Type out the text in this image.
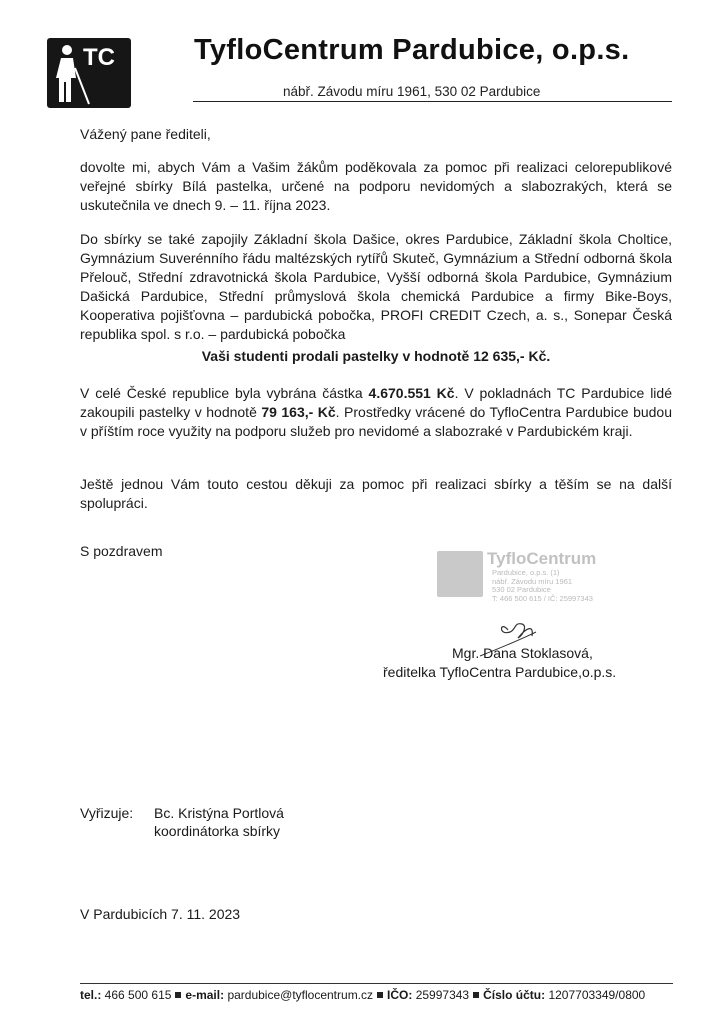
TC	TyfloCentrum Pardubice, o.p.s.
nábř. Závodu míru 1961, 530 02 Pardubice
Vážený pane řediteli,
dovolte mi, abych Vám a Vašim žákům poděkovala za pomoc při realizaci celorepublikové veřejné sbírky Bílá pastelka, určené na podporu nevidomých a slabozrakých, která se uskutečnila ve dnech 9. – 11. října 2023.
Do sbírky se také zapojily Základní škola Dašice, okres Pardubice, Základní škola Choltice, Gymnázium Suverénního řádu maltézských rytířů Skuteč, Gymnázium a Střední odborná škola Přelouč, Střední zdravotnická škola Pardubice, Vyšší odborná škola Pardubice, Gymnázium Dašická Pardubice, Střední průmyslová škola chemická Pardubice a firmy Bike-Boys, Kooperativa pojišťovna – pardubická pobočka, PROFI CREDIT Czech, a. s., Sonepar Česká republika spol. s r.o. – pardubická pobočka
Vaši studenti prodali pastelky v hodnotě 12 635,- Kč.
V celé České republice byla vybrána částka 4.670.551 Kč. V pokladnách TC Pardubice lidé zakoupili pastelky v hodnotě 79 163,- Kč. Prostředky vrácené do TyfloCentra Pardubice budou v příštím roce využity na podporu služeb pro nevidomé a slabozraké v Pardubickém kraji.
Ještě jednou Vám touto cestou děkuji za pomoc při realizaci sbírky a těším se na další spolupráci.
S pozdravem	TyfloCentrum
Pardubice, o.p.s. (1)
nábř. Závodu míru 1961
530 02 Pardubice
T: 466 500 615 / IČ: 25997343
Mgr. Dana Stoklasová,
ředitelka TyfloCentra Pardubice,o.p.s.
Vyřizuje: Bc. Kristýna Portlová
koordinátorka sbírky
V Pardubicích 7. 11. 2023
tel.: 466 500 615 e-mail: pardubice@tyflocentrum.cz IČO: 25997343 Číslo účtu: 1207703349/0800
